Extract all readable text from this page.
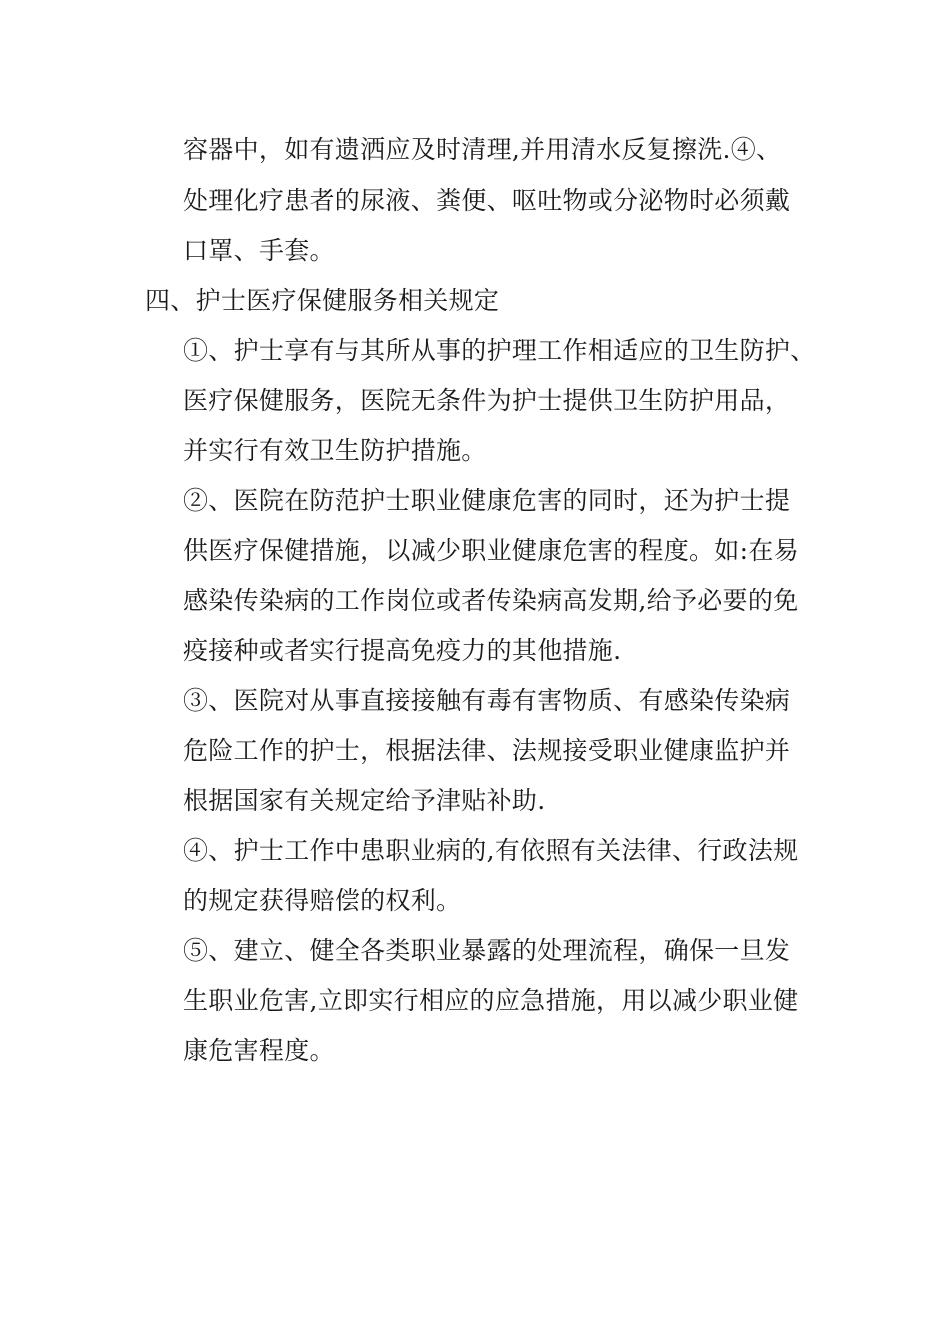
容器中，如有遗洒应及时清理,并用清水反复擦洗.④、
处理化疗患者的尿液、粪便、呕吐物或分泌物时必须戴
口罩、手套。
四、护士医疗保健服务相关规定
①、护士享有与其所从事的护理工作相适应的卫生防护、
医疗保健服务，医院无条件为护士提供卫生防护用品，
并实行有效卫生防护措施。
②、医院在防范护士职业健康危害的同时，还为护士提
供医疗保健措施，以减少职业健康危害的程度。如:在易
感染传染病的工作岗位或者传染病高发期,给予必要的免
疫接种或者实行提高免疫力的其他措施.
③、医院对从事直接接触有毒有害物质、有感染传染病
危险工作的护士，根据法律、法规接受职业健康监护并
根据国家有关规定给予津贴补助.
④、护士工作中患职业病的,有依照有关法律、行政法规
的规定获得赔偿的权利。
⑤、建立、健全各类职业暴露的处理流程，确保一旦发
生职业危害,立即实行相应的应急措施，用以减少职业健
康危害程度。
